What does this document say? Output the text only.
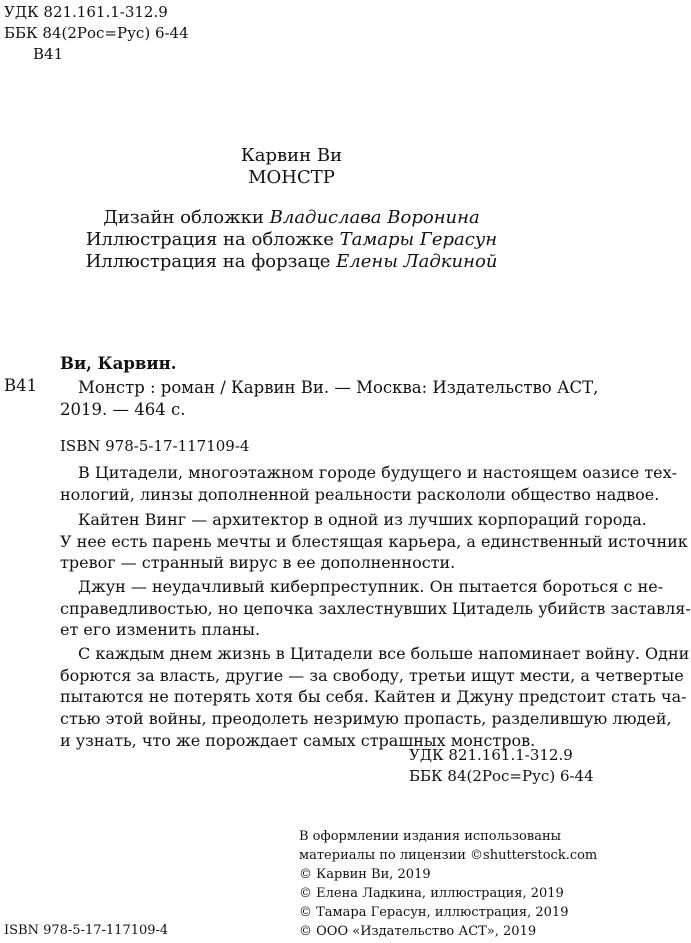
УДК 821.161.1-312.9
ББК 84(2Рос=Рус) 6-44
В41
Карвин Ви
МОНСТР
Дизайн обложки Владислава Воронина
Иллюстрация на обложке Тамары Герасун
Иллюстрация на форзаце Елены Ладкиной
Ви, Карвин.
В41 Монстр : роман / Карвин Ви. — Москва: Издательство АСТ,
2019. — 464 с.
ISBN 978-5-17-117109-4
В Цитадели, многоэтажном городе будущего и настоящем оазисе тех-
нологий, линзы дополненной реальности раскололи общество надвое.
Кайтен Винг — архитектор в одной из лучших корпораций города.
У нее есть парень мечты и блестящая карьера, а единственный источник
тревог — странный вирус в ее дополненности.
Джун — неудачливый киберпреступник. Он пытается бороться с не-
справедливостью, но цепочка захлестнувших Цитадель убийств заставля-
ет его изменить планы.
С каждым днем жизнь в Цитадели все больше напоминает войну. Одни
борются за власть, другие — за свободу, третьи ищут мести, а четвертые
пытаются не потерять хотя бы себя. Кайтен и Джуну предстоит стать ча-
стью этой войны, преодолеть незримую пропасть, разделившую людей,
и узнать, что же порождает самых страшных монстров.
УДК 821.161.1-312.9
ББК 84(2Рос=Рус) 6-44
В оформлении издания использованы
материалы по лицензии ©shutterstock.com
© Карвин Ви, 2019
© Елена Ладкина, иллюстрация, 2019
© Тамара Герасун, иллюстрация, 2019
© ООО «Издательство АСТ», 2019
ISBN 978-5-17-117109-4
